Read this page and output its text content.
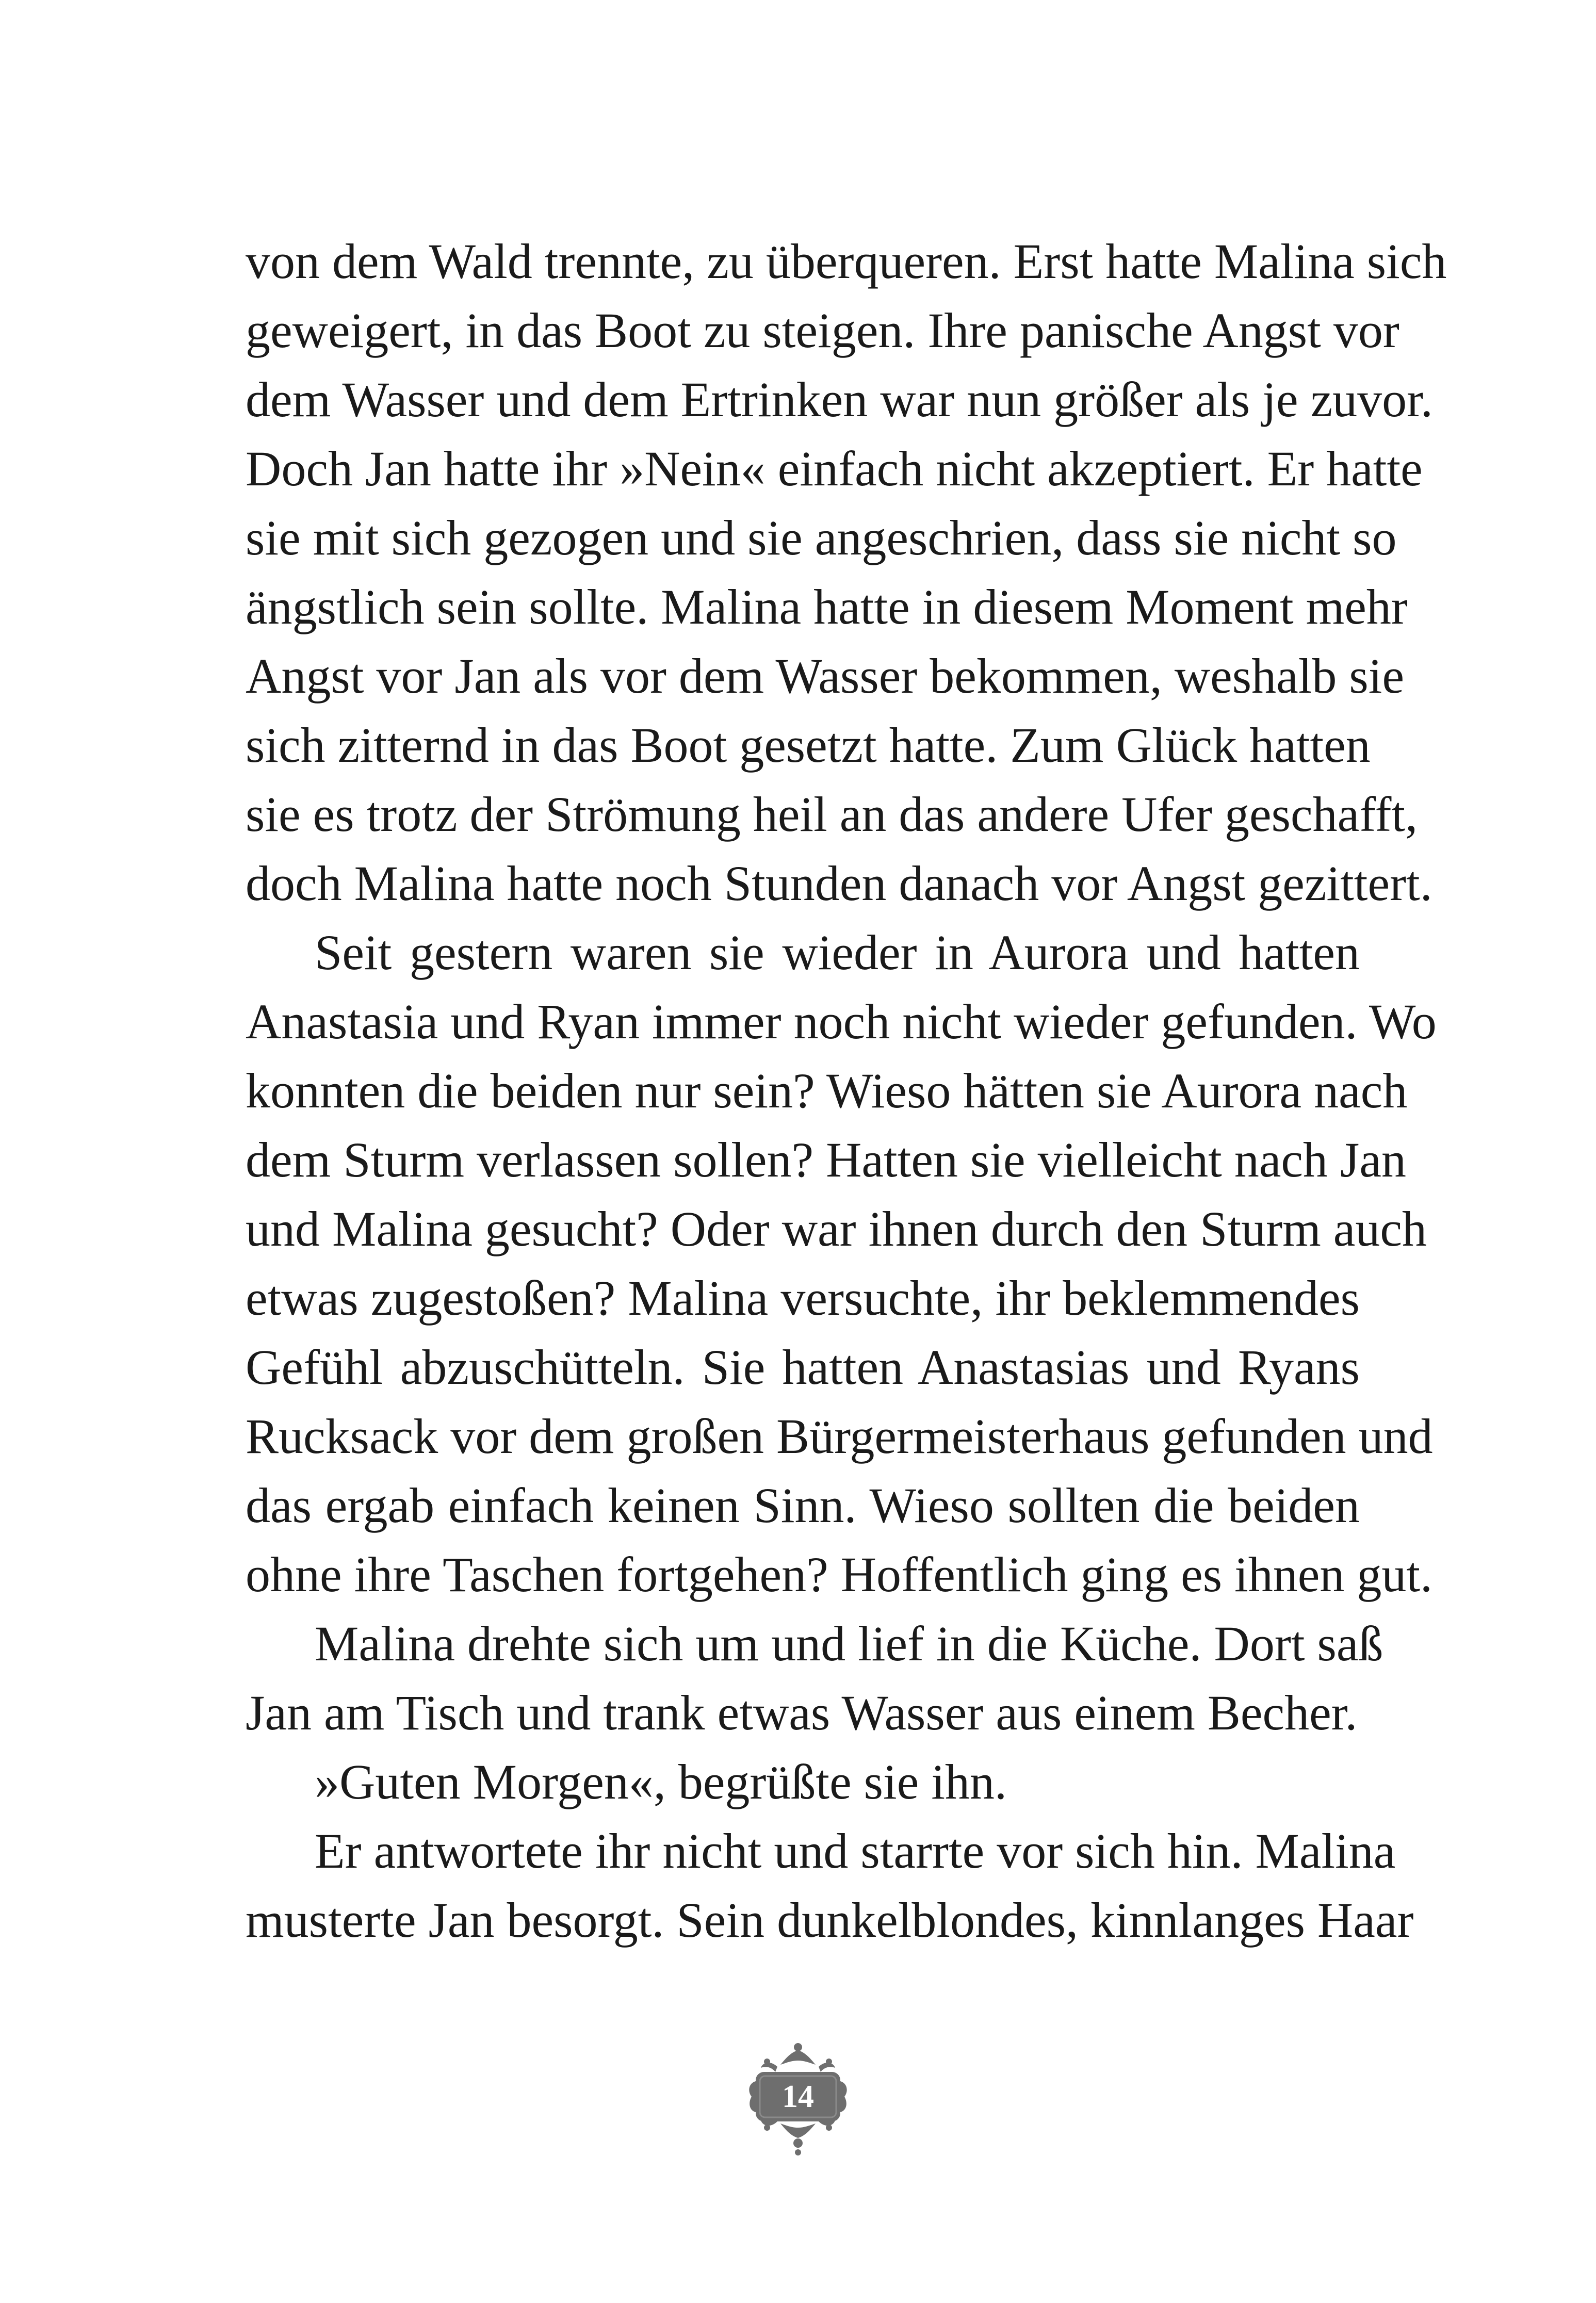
von dem Wald trennte, zu überqueren. Erst hatte Malina sich
geweigert, in das Boot zu steigen. Ihre panische Angst vor
dem Wasser und dem Ertrinken war nun größer als je zuvor.
Doch Jan hatte ihr »Nein« einfach nicht akzeptiert. Er hatte
sie mit sich gezogen und sie angeschrien, dass sie nicht so
ängstlich sein sollte. Malina hatte in diesem Moment mehr
Angst vor Jan als vor dem Wasser bekommen, weshalb sie
sich zitternd in das Boot gesetzt hatte. Zum Glück hatten
sie es trotz der Strömung heil an das andere Ufer geschafft,
doch Malina hatte noch Stunden danach vor Angst gezittert.
Seit gestern waren sie wieder in Aurora und hatten
Anastasia und Ryan immer noch nicht wieder gefunden. Wo
konnten die beiden nur sein? Wieso hätten sie Aurora nach
dem Sturm verlassen sollen? Hatten sie vielleicht nach Jan
und Malina gesucht? Oder war ihnen durch den Sturm auch
etwas zugestoßen? Malina versuchte, ihr beklemmendes
Gefühl abzuschütteln. Sie hatten Anastasias und Ryans
Rucksack vor dem großen Bürgermeisterhaus gefunden und
das ergab einfach keinen Sinn. Wieso sollten die beiden
ohne ihre Taschen fortgehen? Hoffentlich ging es ihnen gut.
Malina drehte sich um und lief in die Küche. Dort saß
Jan am Tisch und trank etwas Wasser aus einem Becher.
»Guten Morgen«, begrüßte sie ihn.
Er antwortete ihr nicht und starrte vor sich hin. Malina
musterte Jan besorgt. Sein dunkelblondes, kinnlanges Haar
14
